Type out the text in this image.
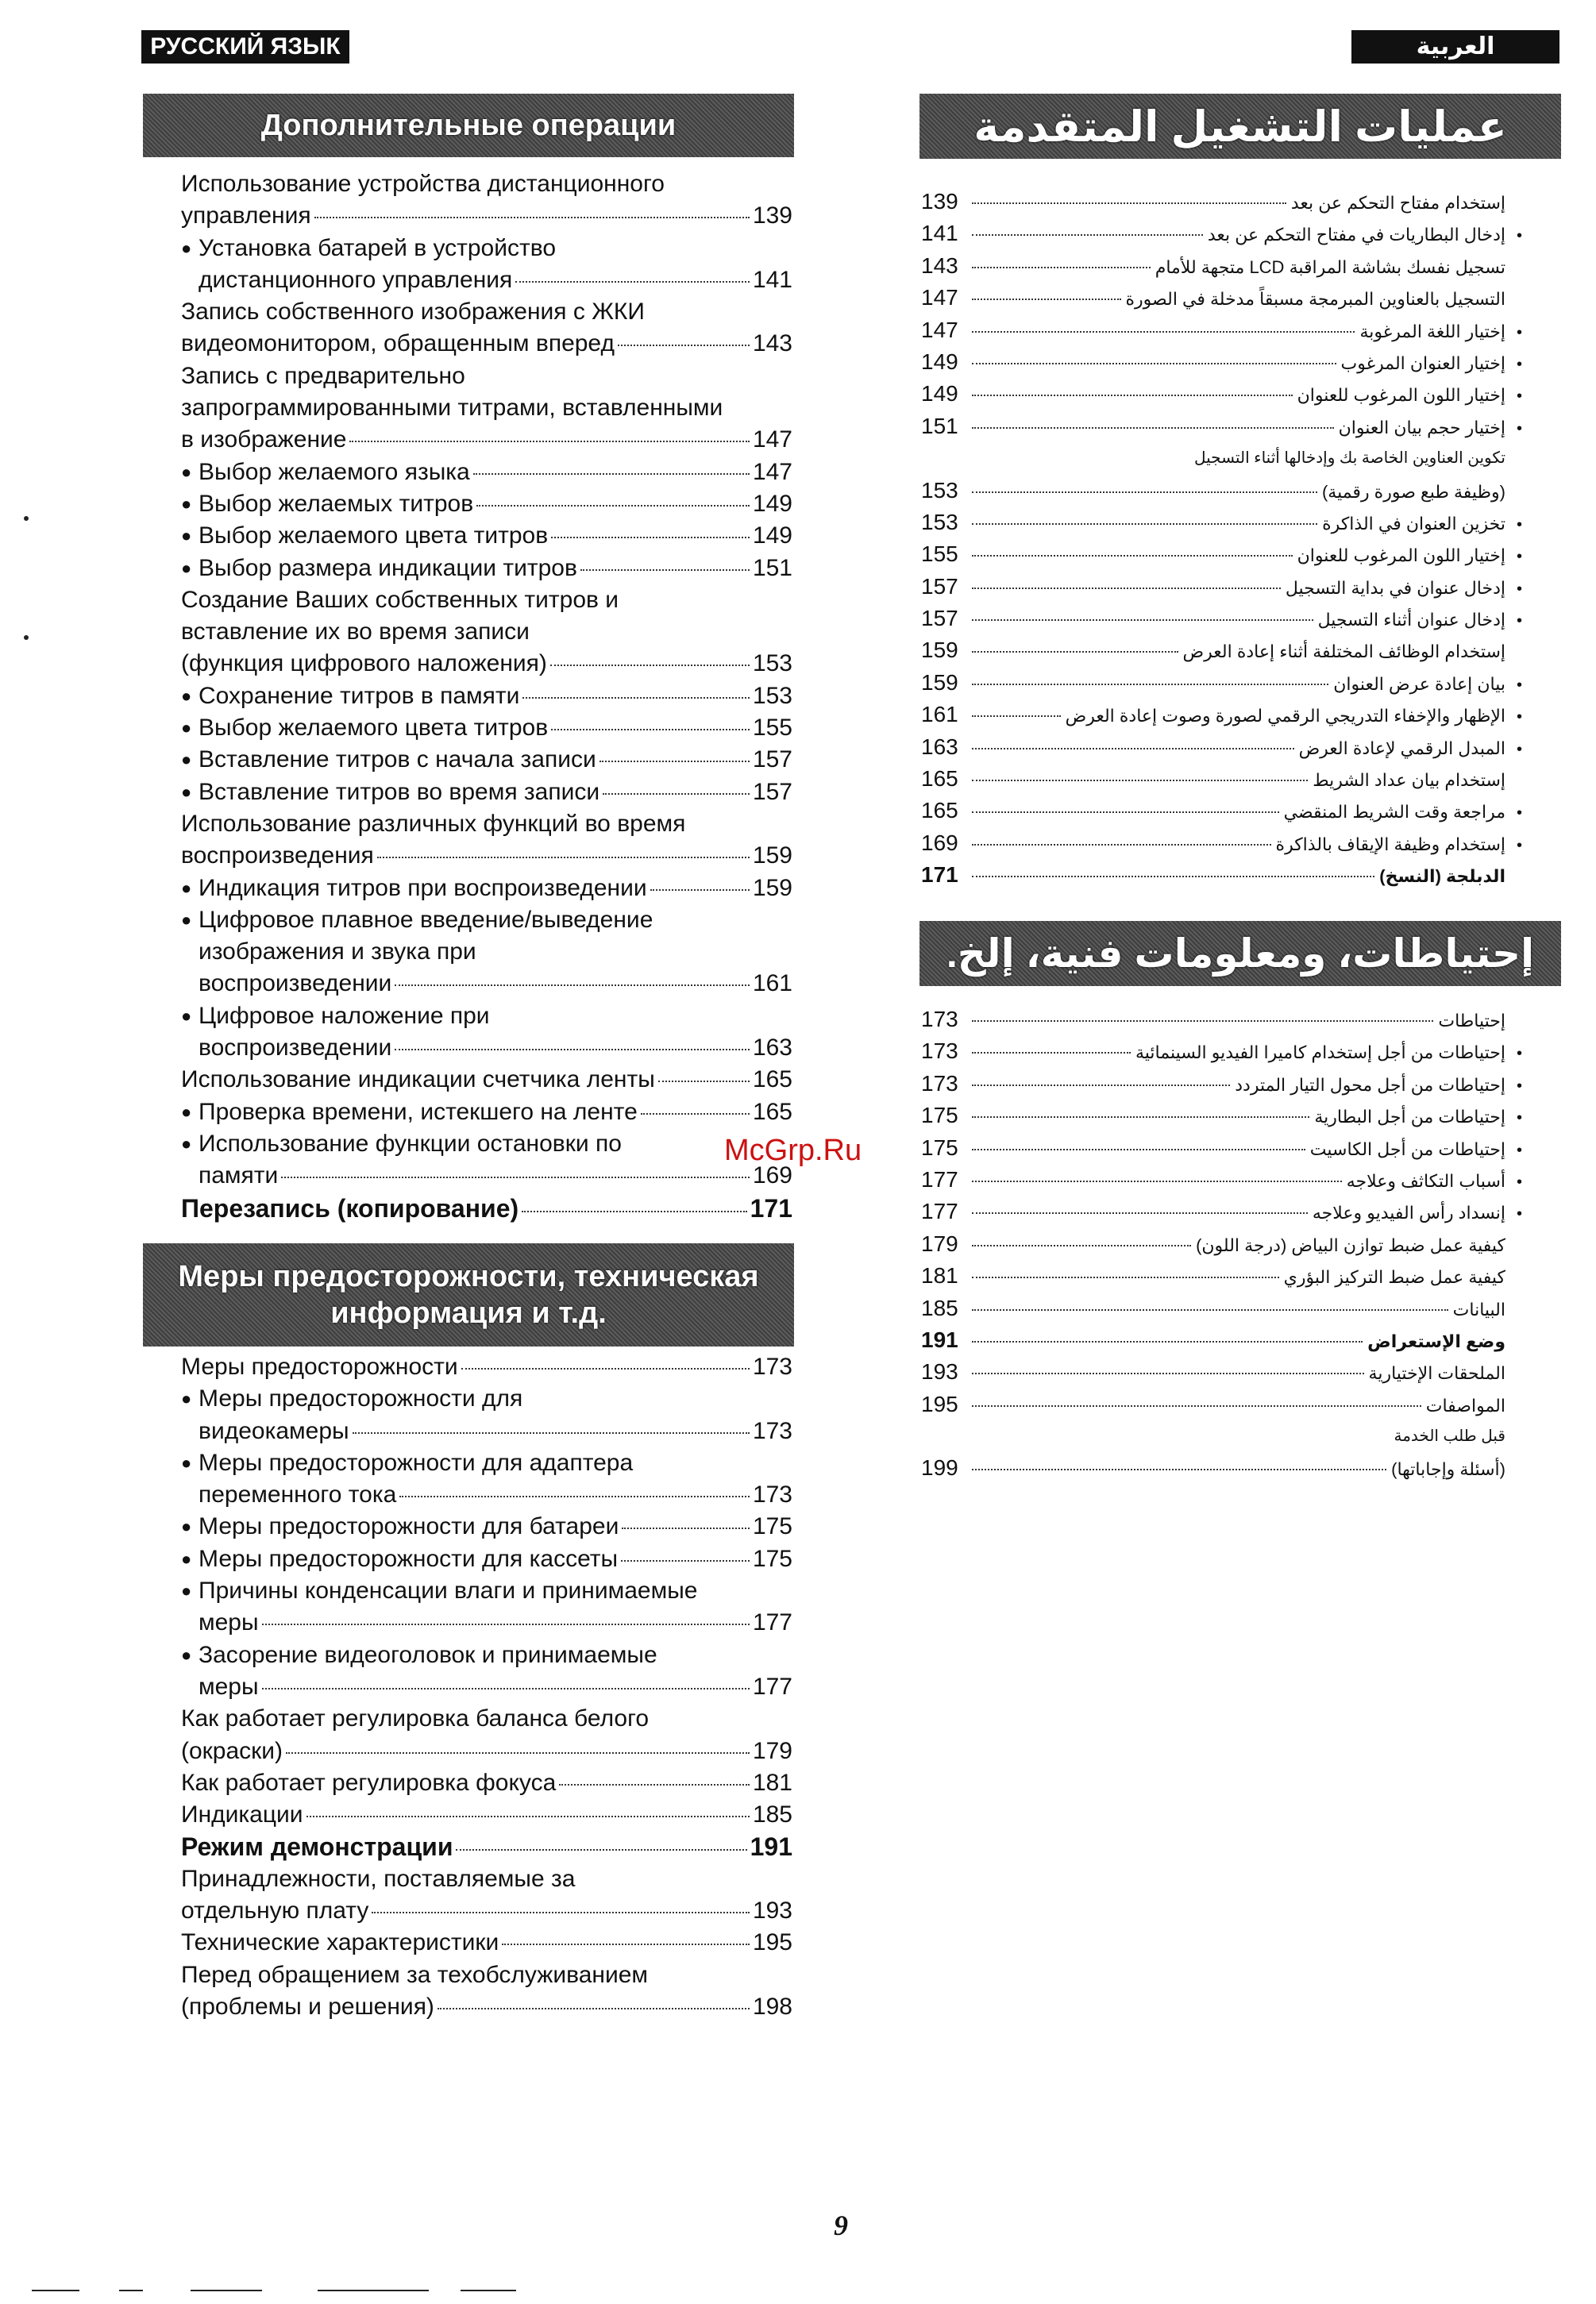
РУССКИЙ ЯЗЫК	العربية
Дополнительные операции
Использование устройства дистанционного
управления	139
● Установка батарей в устройство
дистанционного управления	141
Запись собственного изображения с ЖКИ
видеомонитором, обращенным вперед	143
Запись с предварительно
запрограммированными титрами, вставленными
в изображение	147
● Выбор желаемого языка	147
● Выбор желаемых титров	149
● Выбор желаемого цвета титров	149
● Выбор размера индикации титров	151
Создание Ваших собственных титров и
вставление их во время записи
(функция цифрового наложения)	153
● Сохранение титров в памяти	153
● Выбор желаемого цвета титров	155
● Вставление титров с начала записи	157
● Вставление титров во время записи	157
Использование различных функций во время
воспроизведения	159
● Индикация титров при воспроизведении	159
● Цифровое плавное введение/выведение
изображения и звука при
воспроизведении	161
● Цифровое наложение при
воспроизведении	163
Использование индикации счетчика ленты	165
● Проверка времени, истекшего на ленте	165
● Использование функции остановки по
памяти	169
Перезапись (копирование)	171
Меры предосторожности, техническая
информация и т.д.
Меры предосторожности	173
● Меры предосторожности для
видеокамеры	173
● Меры предосторожности для адаптера
переменного тока	173
● Меры предосторожности для батареи	175
● Меры предосторожности для кассеты	175
● Причины конденсации влаги и принимаемые
меры	177
● Засорение видеоголовок и принимаемые
меры	177
Как работает регулировка баланса белого
(окраски)	179
Как работает регулировка фокуса	181
Индикации	185
Режим демонстрации	191
Принадлежности, поставляемые за
отдельную плату	193
Технические характеристики	195
Перед обращением за техобслуживанием
(проблемы и решения)	198
عمليات التشغيل المتقدمة
139	إستخدام مفتاح التحكم عن بعد
141	إدخال البطاريات في مفتاح التحكم عن بعد •
143	تسجيل نفسك بشاشة المراقبة LCD متجهة للأمام
147	التسجيل بالعناوين المبرمجة مسبقاً مدخلة في الصورة
147	إختيار اللغة المرغوبة •
149	إختيار العنوان المرغوب •
149	إختيار اللون المرغوب للعنوان •
151	إختيار حجم بيان العنوان •
تكوين العناوين الخاصة بك وإدخالها أثناء التسجيل
153	(وظيفة طبع صورة رقمية)
153	تخزين العنوان في الذاكرة •
155	إختيار اللون المرغوب للعنوان •
157	إدخال عنوان في بداية التسجيل •
157	إدخال عنوان أثناء التسجيل •
159	إستخدام الوظائف المختلفة أثناء إعادة العرض
159	بيان إعادة عرض العنوان •
161	الإظهار والإخفاء التدريجي الرقمي لصورة وصوت إعادة العرض •
163	المبدل الرقمي لإعادة العرض •
165	إستخدام بيان عداد الشريط
165	مراجعة وقت الشريط المنقضي •
169	إستخدام وظيفة الإيقاف بالذاكرة •
171	الدبلجة (النسخ)
إحتياطات، ومعلومات فنية، إلخ.
173	إحتياطات
173	إحتياطات من أجل إستخدام كاميرا الفيديو السينمائية •
173	إحتياطات من أجل محول التيار المتردد •
175	إحتياطات من أجل البطارية •
175	إحتياطات من أجل الكاسيت •
177	أسباب التكاثف وعلاجه •
177	إنسداد رأس الفيديو وعلاجه •
179	كيفية عمل ضبط توازن البياض (درجة اللون)
181	كيفية عمل ضبط التركيز البؤري
185	البيانات
191	وضع الإستعراض
193	الملحقات الإختيارية
195	المواصفات
قبل طلب الخدمة
199	(أسئلة وإجاباتها)
McGrp.Ru
9
